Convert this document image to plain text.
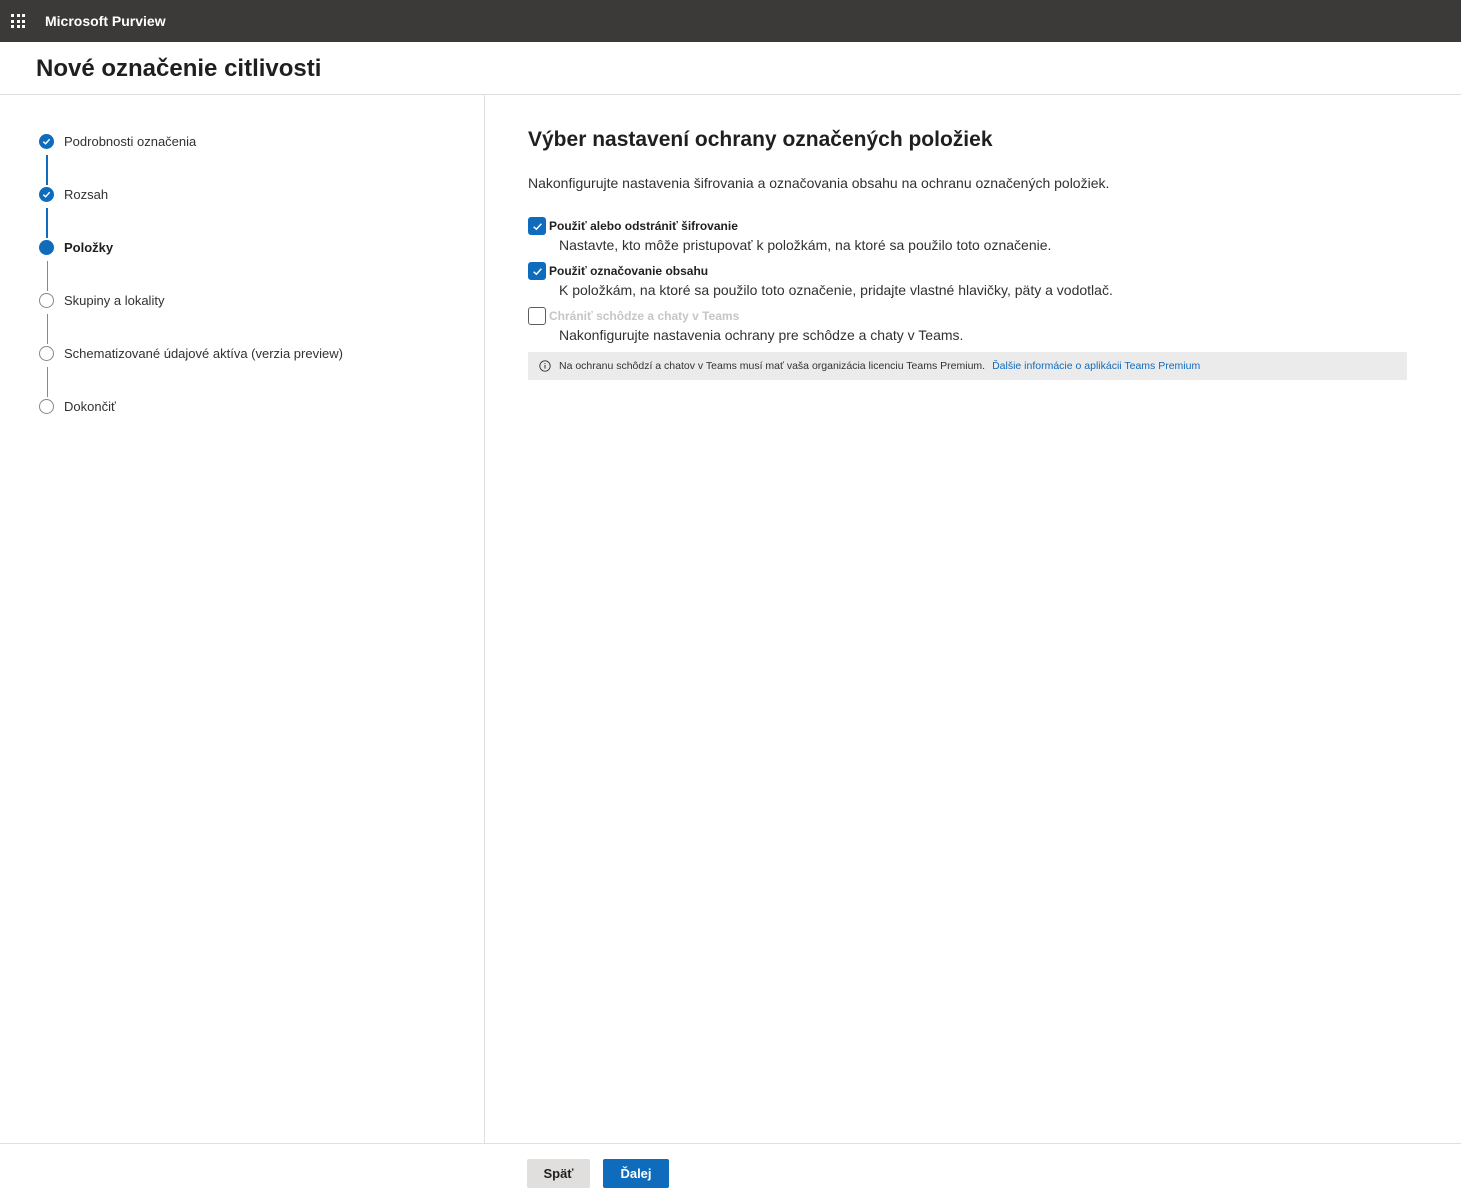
Microsoft Purview
Nové označenie citlivosti
Podrobnosti označenia
Rozsah
Položky
Skupiny a lokality
Schematizované údajové aktíva (verzia preview)
Dokončiť
Výber nastavení ochrany označených položiek
Nakonfigurujte nastavenia šifrovania a označovania obsahu na ochranu označených položiek.
Použiť alebo odstrániť šifrovanie
Nastavte, kto môže pristupovať k položkám, na ktoré sa použilo toto označenie.
Použiť označovanie obsahu
K položkám, na ktoré sa použilo toto označenie, pridajte vlastné hlavičky, päty a vodotlač.
Chrániť schôdze a chaty v Teams
Nakonfigurujte nastavenia ochrany pre schôdze a chaty v Teams.
Na ochranu schôdzí a chatov v Teams musí mať vaša organizácia licenciu Teams Premium. Ďalšie informácie o aplikácii Teams Premium
Späť	Ďalej
